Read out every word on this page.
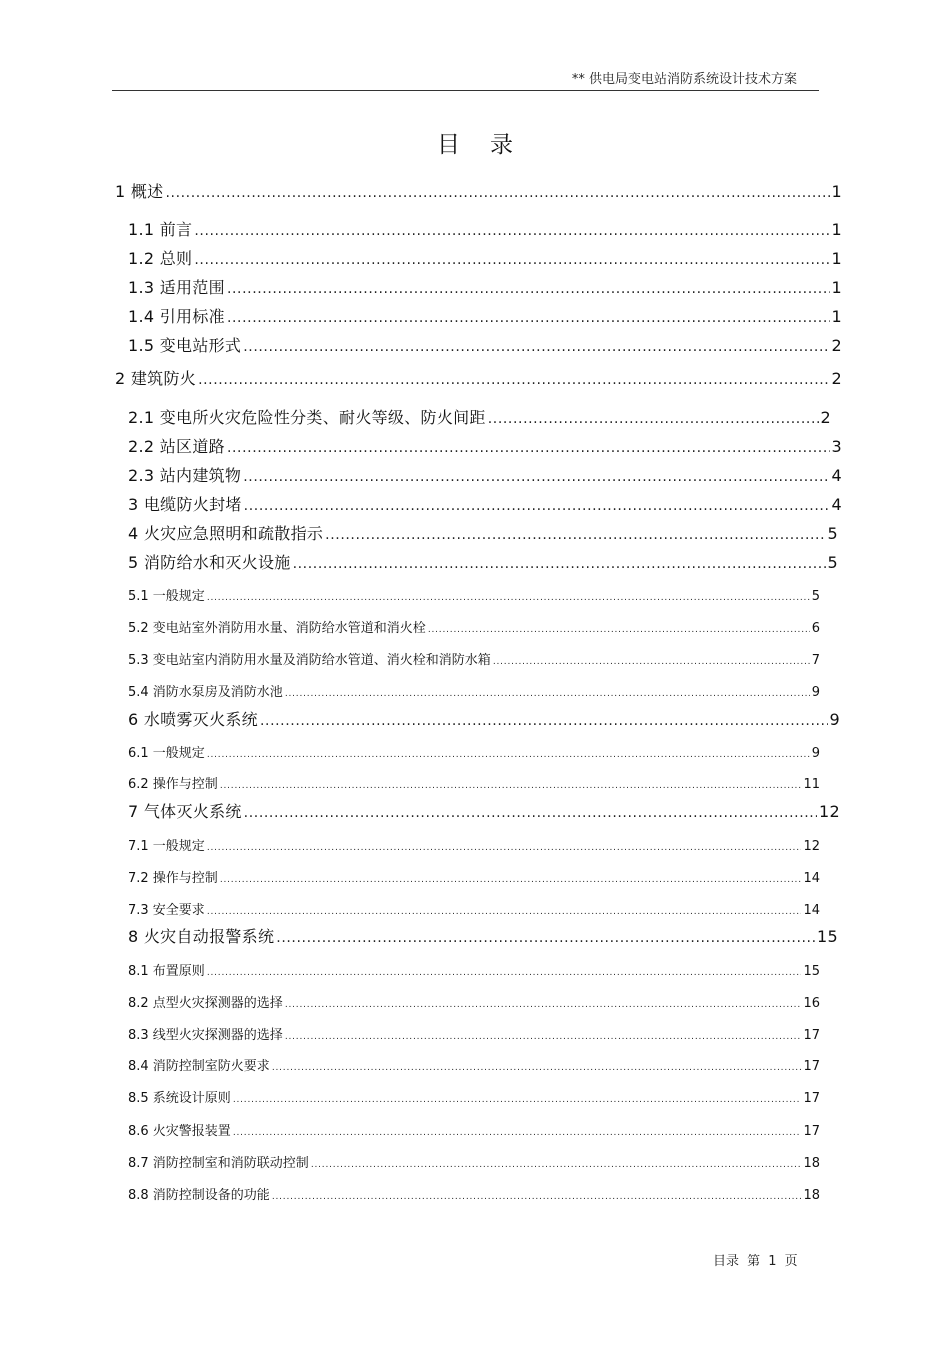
** 供电局变电站消防系统设计技术方案
目录
1 概述 .....	1
1.1 前言 .....	1
1.2 总则 .....	1
1.3 适用范围 .....	1
1.4 引用标准 .....	1
1.5 变电站形式 .....	2
2 建筑防火 .....	2
2.1 变电所火灾危险性分类、耐火等级、防火间距 .....	2
2.2 站区道路 .....	3
2.3 站内建筑物 .....	4
3 电缆防火封堵 .....	4
4 火灾应急照明和疏散指示 .....	5
5 消防给水和灭火设施 .....	5
5.1 一般规定 .....	5
5.2 变电站室外消防用水量、消防给水管道和消火栓 .....	6
5.3 变电站室内消防用水量及消防给水管道、消火栓和消防水箱 .....	7
5.4 消防水泵房及消防水池 .....	9
6 水喷雾灭火系统 .....	9
6.1 一般规定 .....	9
6.2 操作与控制 .....	11
7 气体灭火系统 .....	12
7.1 一般规定 .....	12
7.2 操作与控制 .....	14
7.3 安全要求 .....	14
8 火灾自动报警系统 .....	15
8.1 布置原则 .....	15
8.2 点型火灾探测器的选择 .....	16
8.3 线型火灾探测器的选择 .....	17
8.4 消防控制室防火要求 .....	17
8.5 系统设计原则 .....	17
8.6 火灾警报装置 .....	17
8.7 消防控制室和消防联动控制 .....	18
8.8 消防控制设备的功能 .....	18
目录 第 1 页
